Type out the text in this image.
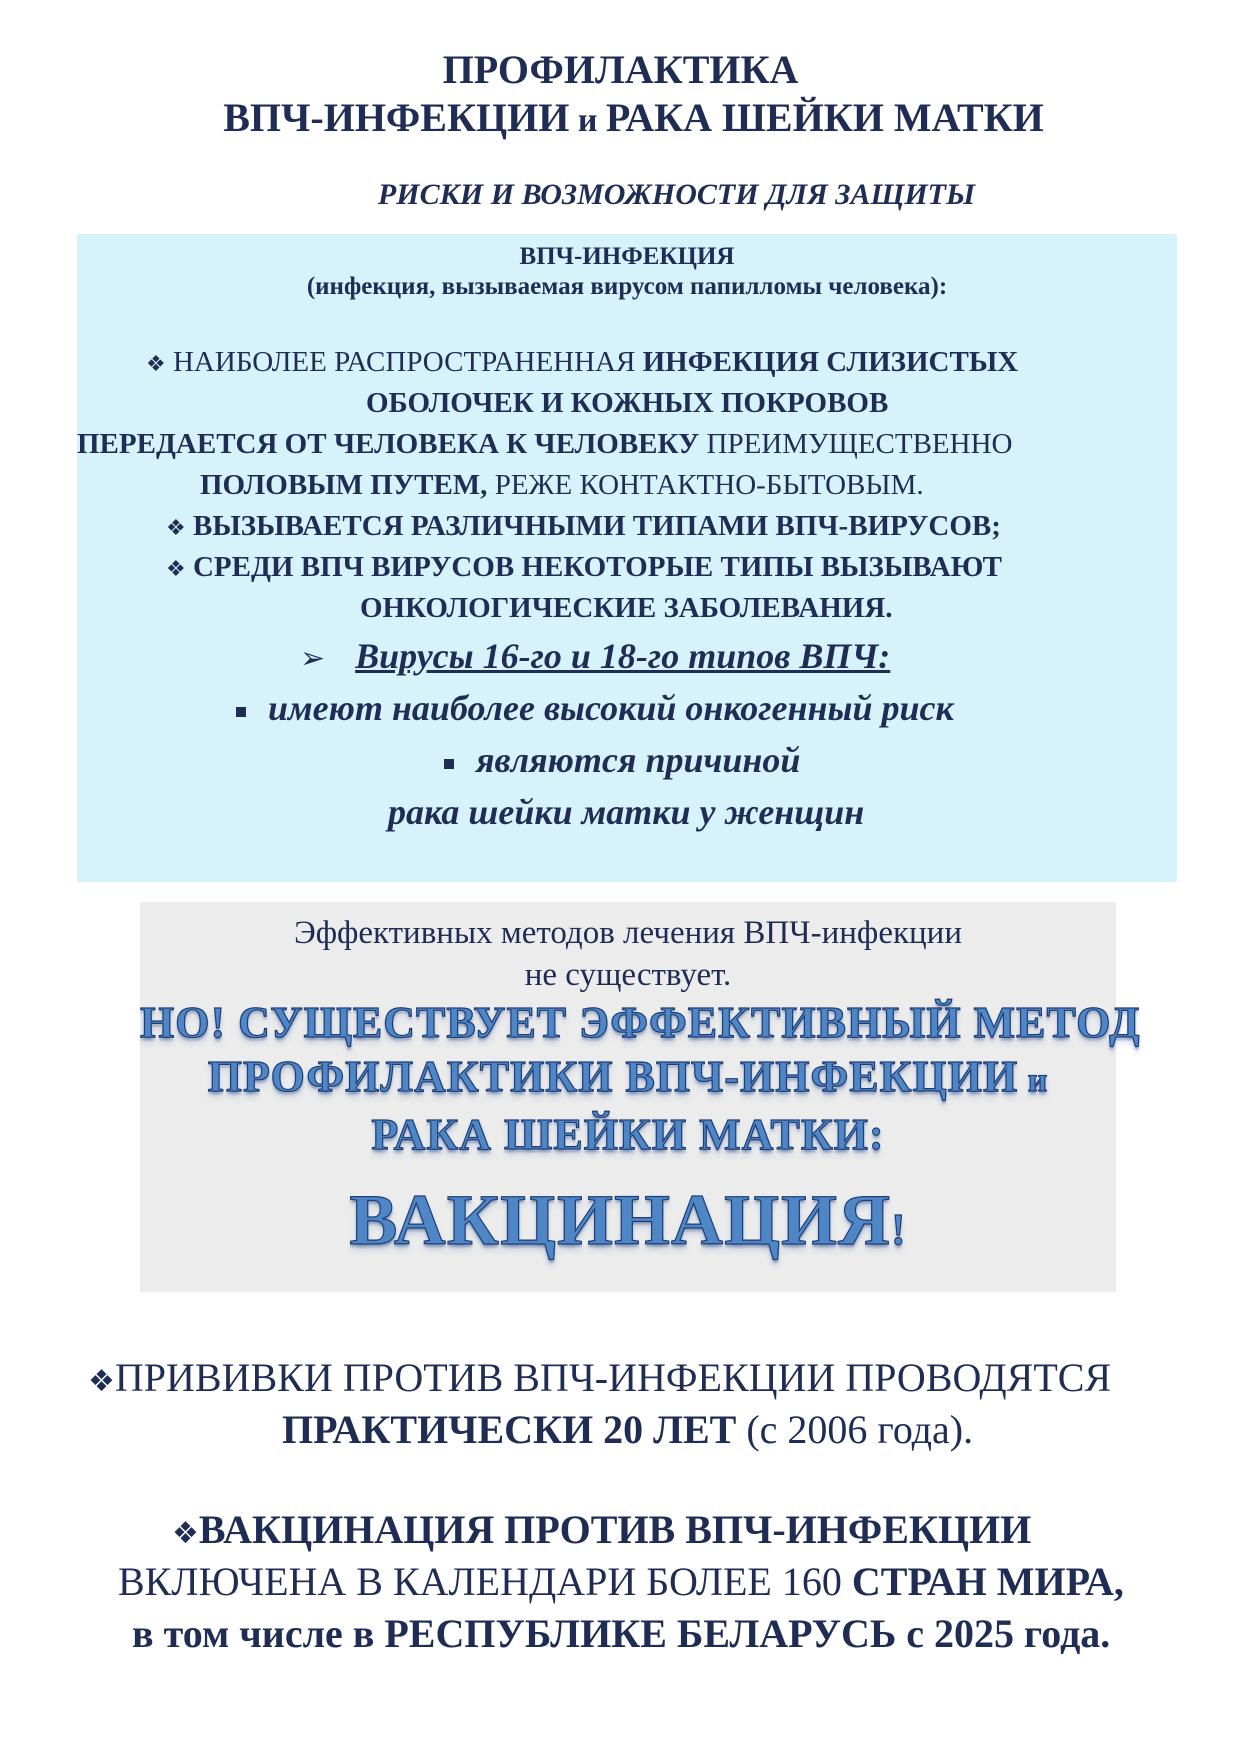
ПРОФИЛАКТИКА
ВПЧ-ИНФЕКЦИИ и РАКА ШЕЙКИ МАТКИ
РИСКИ И ВОЗМОЖНОСТИ ДЛЯ ЗАЩИТЫ
ВПЧ-ИНФЕКЦИЯ
(инфекция, вызываемая вирусом папилломы человека):
❖ НАИБОЛЕЕ РАСПРОСТРАНЕННАЯ ИНФЕКЦИЯ СЛИЗИСТЫХ
ОБОЛОЧЕК И КОЖНЫХ ПОКРОВОВ
ПЕРЕДАЕТСЯ ОТ ЧЕЛОВЕКА К ЧЕЛОВЕКУ ПРЕИМУЩЕСТВЕННО
ПОЛОВЫМ ПУТЕМ, РЕЖЕ КОНТАКТНО-БЫТОВЫМ.
❖ ВЫЗЫВАЕТСЯ РАЗЛИЧНЫМИ ТИПАМИ ВПЧ-ВИРУСОВ;
❖ СРЕДИ ВПЧ ВИРУСОВ НЕКОТОРЫЕ ТИПЫ ВЫЗЫВАЮТ
ОНКОЛОГИЧЕСКИЕ ЗАБОЛЕВАНИЯ.
➢ Вирусы 16-го и 18-го типов ВПЧ:
имеют наиболее высокий онкогенный риск
являются причиной
рака шейки матки у женщин
Эффективных методов лечения ВПЧ-инфекции
не существует.
НО! СУЩЕСТВУЕТ ЭФФЕКТИВНЫЙ МЕТОД
ПРОФИЛАКТИКИ ВПЧ-ИНФЕКЦИИ и
РАКА ШЕЙКИ МАТКИ:
ВАКЦИНАЦИЯ!
❖ПРИВИВКИ ПРОТИВ ВПЧ-ИНФЕКЦИИ ПРОВОДЯТСЯ
ПРАКТИЧЕСКИ 20 ЛЕТ (с 2006 года).
❖ВАКЦИНАЦИЯ ПРОТИВ ВПЧ-ИНФЕКЦИИ
ВКЛЮЧЕНА В КАЛЕНДАРИ БОЛЕЕ 160 СТРАН МИРА,
в том числе в РЕСПУБЛИКЕ БЕЛАРУСЬ с 2025 года.
